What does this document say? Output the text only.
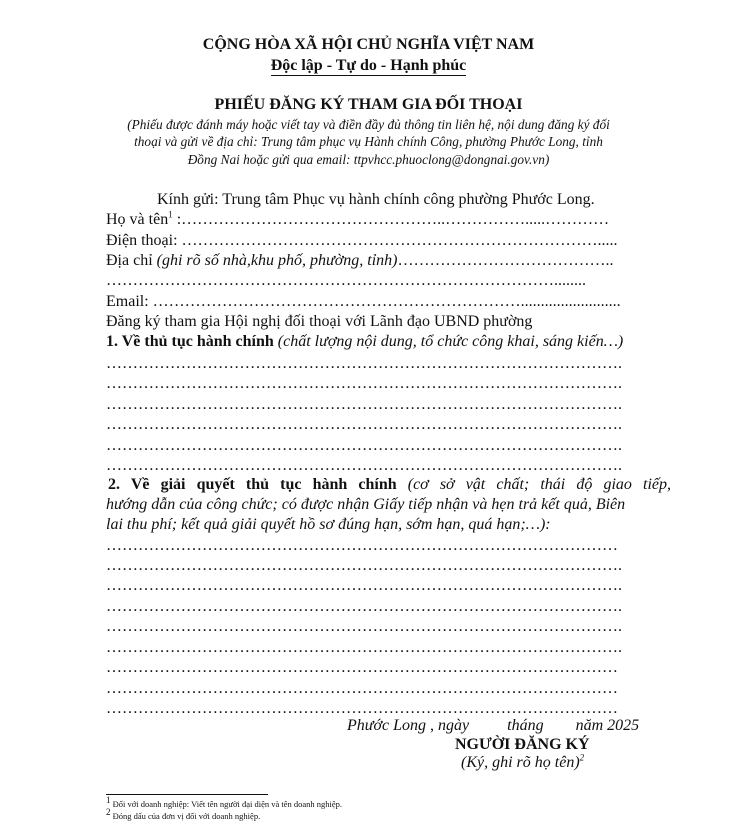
CỘNG HÒA XÃ HỘI CHỦ NGHĨA VIỆT NAM
Độc lập - Tự do - Hạnh phúc
PHIẾU ĐĂNG KÝ THAM GIA ĐỐI THOẠI
(Phiếu được đánh máy hoặc viết tay và điền đầy đủ thông tin liên hệ, nội dung đăng ký đối
thoại và gửi về địa chỉ: Trung tâm phục vụ Hành chính Công, phường Phước Long, tỉnh
Đồng Nai hoặc gửi qua email: ttpvhcc.phuoclong@dongnai.gov.vn)
Kính gửi: Trung tâm Phục vụ hành chính công phường Phước Long.
Họ và tên$^1$ :…………………………………………..…………….....…………
Điện thoại: …………………………………………………………………….....
Địa chỉ (ghi rõ số nhà,khu phố, phường, tỉnh)…………………………………..
…………………………………………………………………………........
Email: …………………………………………………………….........................
Đăng ký tham gia Hội nghị đối thoại với Lãnh đạo UBND phường
1. Về thủ tục hành chính (chất lượng nội dung, tổ chức công khai, sáng kiến…)
…………………………………………………………………………………….
…………………………………………………………………………………….
…………………………………………………………………………………….
…………………………………………………………………………………….
…………………………………………………………………………………….
…………………………………………………………………………………….
2. Về giải quyết thủ tục hành chính (cơ sở vật chất; thái độ giao tiếp,
hướng dẫn của công chức; có được nhận Giấy tiếp nhận và hẹn trả kết quả, Biên
lai thu phí; kết quả giải quyết hồ sơ đúng hạn, sớm hạn, quá hạn;…):
……………………………………………………………………………………
…………………………………………………………………………………….
…………………………………………………………………………………….
…………………………………………………………………………………….
…………………………………………………………………………………….
…………………………………………………………………………………….
……………………………………………………………………………………
……………………………………………………………………………………
……………………………………………………………………………………
Phước Long , ngày tháng năm 2025
NGƯỜI ĐĂNG KÝ
(Ký, ghi rõ họ tên)$^2$
$^1$ Đối với doanh nghiệp: Viết tên người đại diện và tên doanh nghiệp.
$^2$ Đóng dấu của đơn vị đối với doanh nghiệp.
